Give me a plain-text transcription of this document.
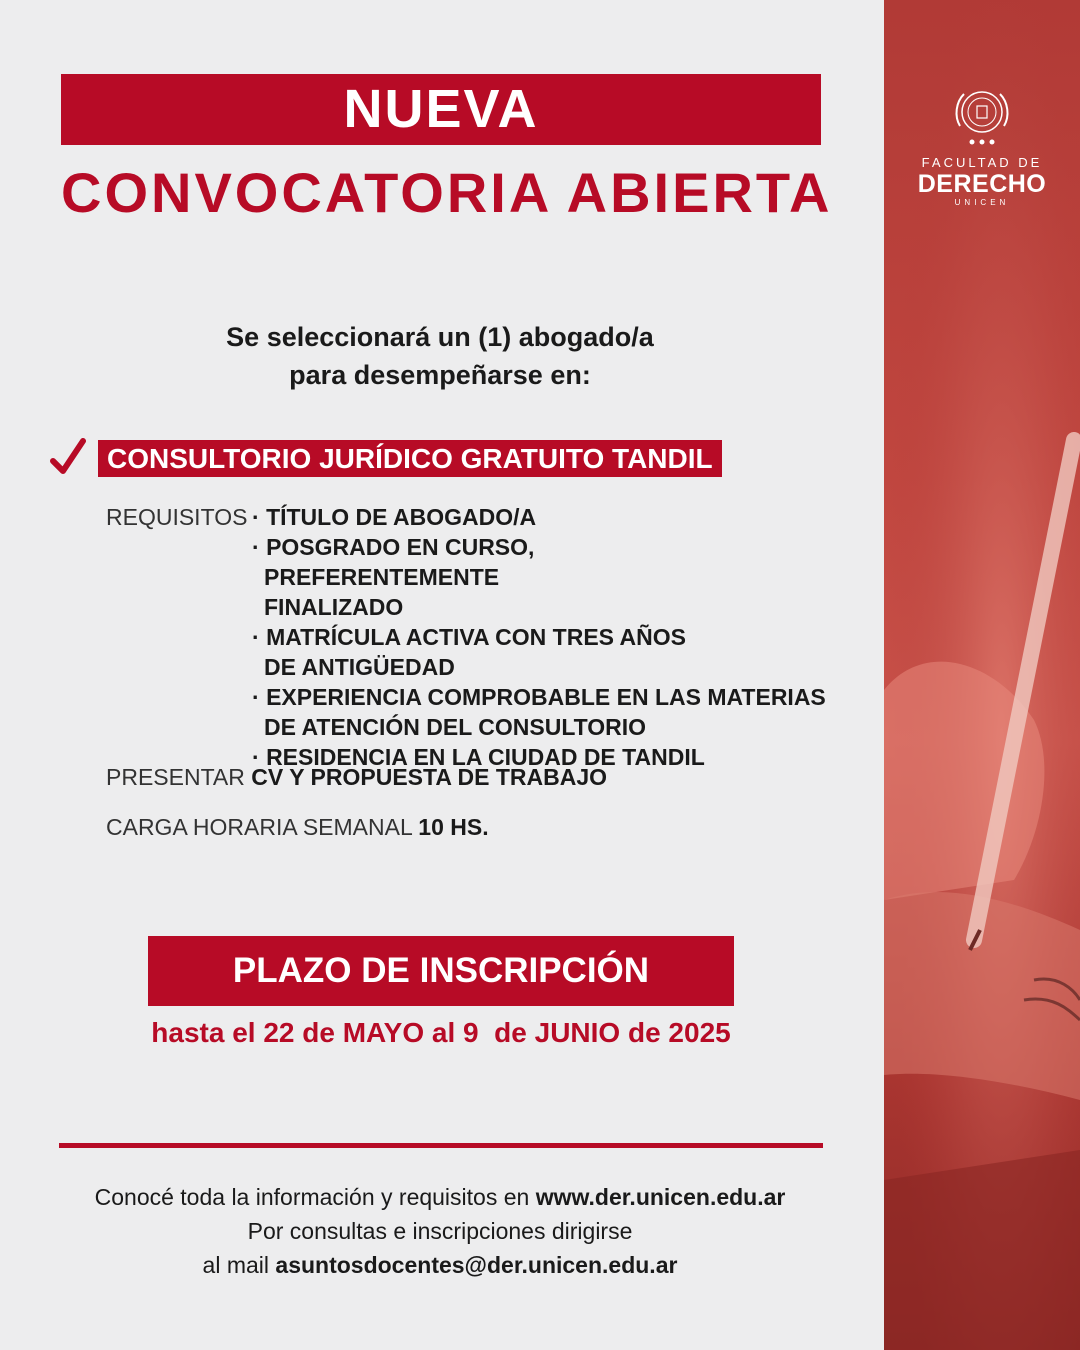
NUEVA
CONVOCATORIA ABIERTA
Se seleccionará un (1) abogado/a
para desempeñarse en:
CONSULTORIO JURÍDICO GRATUITO TANDIL
REQUISITOS
· TÍTULO DE ABOGADO/A
· POSGRADO EN CURSO, PREFERENTEMENTE FINALIZADO
· MATRÍCULA ACTIVA CON TRES AÑOS DE ANTIGÜEDAD
· EXPERIENCIA COMPROBABLE EN LAS MATERIAS DE ATENCIÓN DEL CONSULTORIO
· RESIDENCIA EN LA CIUDAD DE TANDIL
PRESENTAR CV Y PROPUESTA DE TRABAJO
CARGA HORARIA SEMANAL 10 HS.
PLAZO DE INSCRIPCIÓN
hasta el 22 de MAYO al 9  de JUNIO de 2025
Conocé toda la información y requisitos en www.der.unicen.edu.ar
Por consultas e inscripciones dirigirse
al mail asuntosdocentes@der.unicen.edu.ar
FACULTAD DE
DERECHO
UNICEN
